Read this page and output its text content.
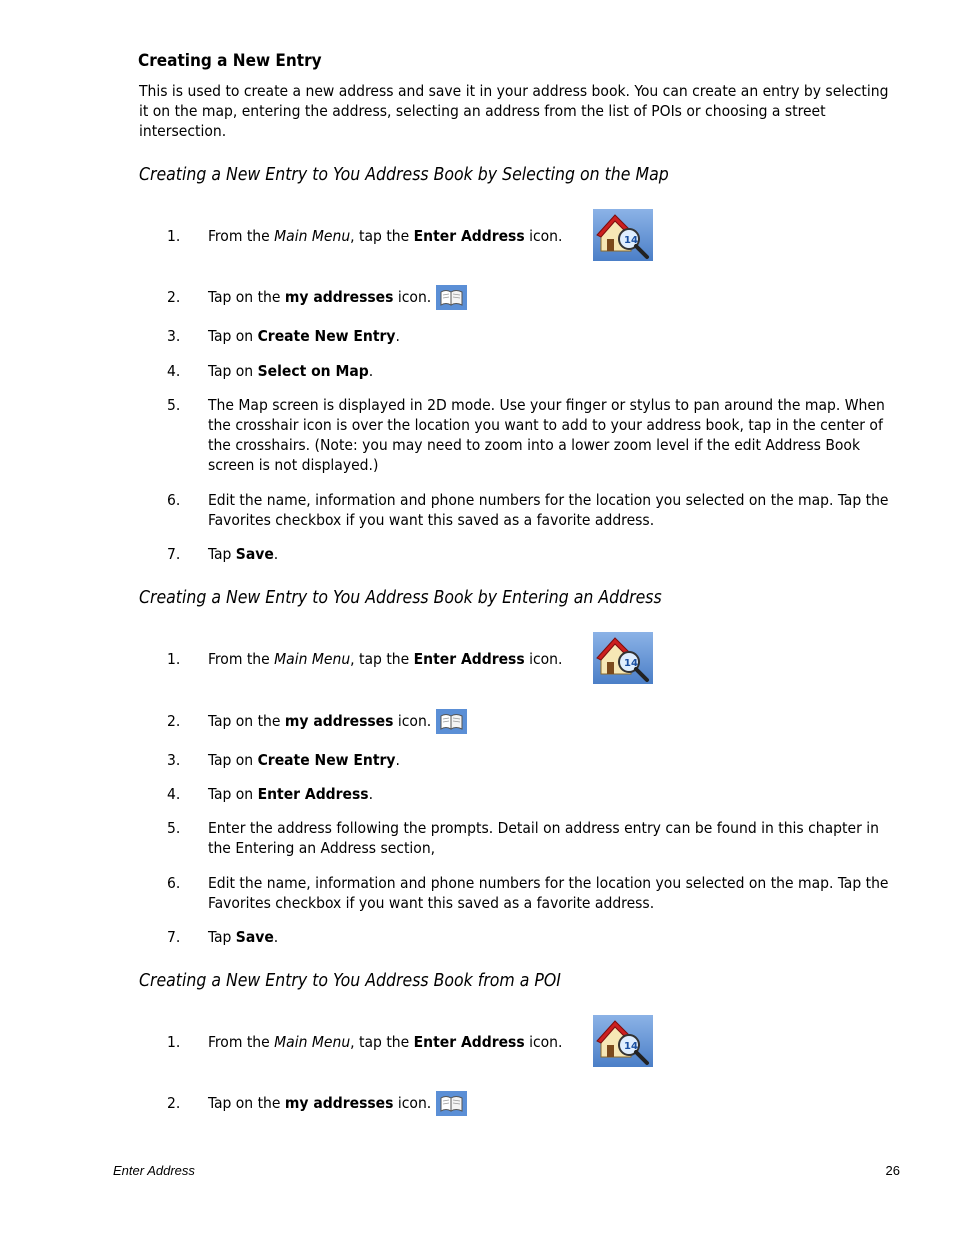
Creating a New Entry
This is used to create a new address and save it in your address book. You can create an entry by selecting it on the map, entering the address, selecting an address from the list of POIs or choosing a street intersection.
Creating a New Entry to You Address Book by Selecting on the Map
Creating a New Entry to You Address Book by Entering an Address
Creating a New Entry to You Address Book from a POI
1. From the Main Menu, tap the Enter Address icon.	14
2. Tap on the my addresses icon.
3. Tap on Create New Entry.
4. Tap on Select on Map.
5. The Map screen is displayed in 2D mode. Use your finger or stylus to pan around the map. When the crosshair icon is over the location you want to add to your address book, tap in the center of the crosshairs. (Note: you may need to zoom into a lower zoom level if the edit Address Book screen is not displayed.)
6. Edit the name, information and phone numbers for the location you selected on the map. Tap the Favorites checkbox if you want this saved as a favorite address.
7. Tap Save.
1. From the Main Menu, tap the Enter Address icon.	14
2. Tap on the my addresses icon.
3. Tap on Create New Entry.
4. Tap on Enter Address.
5. Enter the address following the prompts. Detail on address entry can be found in this chapter in the Entering an Address section,
6. Edit the name, information and phone numbers for the location you selected on the map. Tap the Favorites checkbox if you want this saved as a favorite address.
7. Tap Save.
1. From the Main Menu, tap the Enter Address icon.	14
2. Tap on the my addresses icon.
Enter Address	26
